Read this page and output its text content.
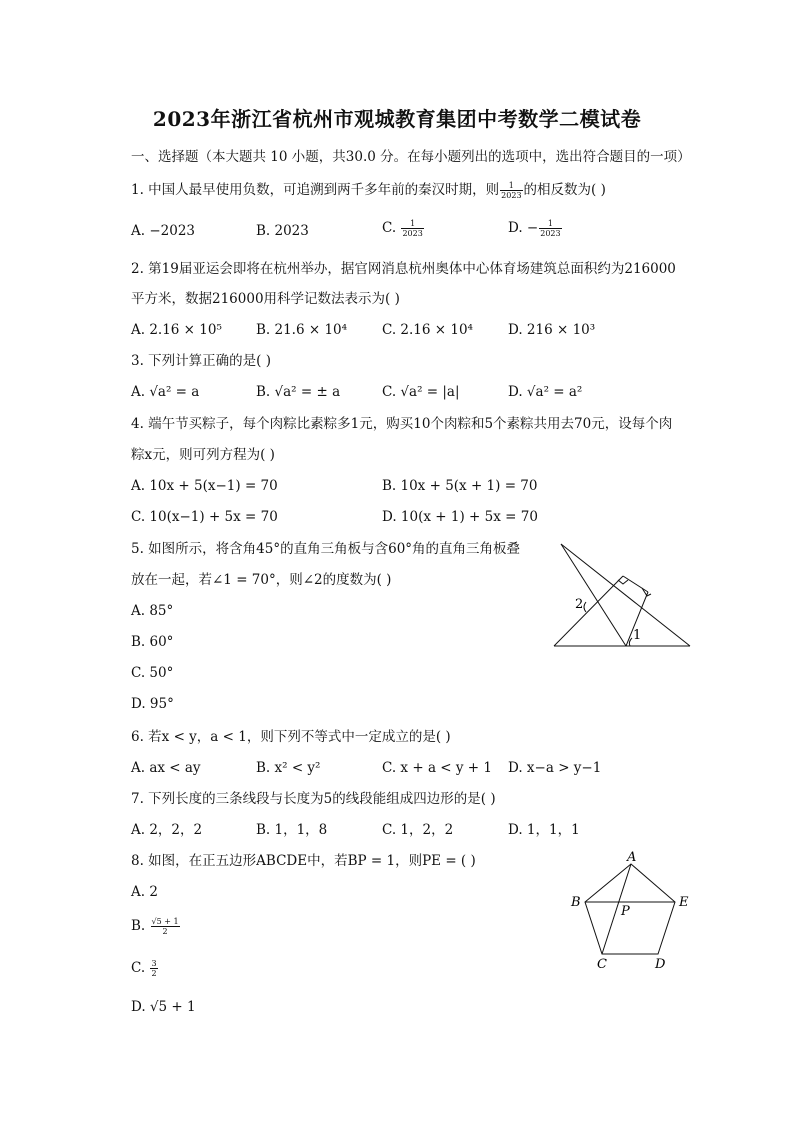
2023年浙江省杭州市观城教育集团中考数学二模试卷
一、选择题（本大题共 10 小题，共30.0 分。在每小题列出的选项中，选出符合题目的一项）
1. 中国人最早使用负数，可追溯到两千多年前的秦汉时期，则 $\frac{1}{2023}$ 的相反数为( )
A. −2023	B. 2023	C. $\frac{1}{2023}$	D. − $\frac{1}{2023}$
2. 第19届亚运会即将在杭州举办，据官网消息杭州奥体中心体育场建筑总面积约为216000
平方米，数据216000用科学记数法表示为( )
A. 2.16 × 10⁵	B. 21.6 × 10⁴	C. 2.16 × 10⁴	D. 216 × 10³
3. 下列计算正确的是( )
A. √a² = a	B. √a² = ± a	C. √a² = |a|	D. √a² = a²
4. 端午节买粽子，每个肉粽比素粽多1元，购买10个肉粽和5个素粽共用去70元，设每个肉
粽x元，则可列方程为( )
A. 10x + 5(x−1) = 70	B. 10x + 5(x + 1) = 70
C. 10(x−1) + 5x = 70	D. 10(x + 1) + 5x = 70
5. 如图所示，将含角45°的直角三角板与含60°角的直角三角板叠
放在一起，若∠1 = 70°，则∠2的度数为( )
A. 85°
B. 60°
C. 50°
D. 95°
2
1
6. 若x < y，a < 1，则下列不等式中一定成立的是( )
A. ax < ay	B. x² < y²	C. x + a < y + 1 D. x−a > y−1
7. 下列长度的三条线段与长度为5的线段能组成四边形的是( )
A. 2，2，2	B. 1，1，8	C. 1，2，2	D. 1，1，1
8. 如图，在正五边形ABCDE中，若BP = 1，则PE = ( )
A. 2
B. $\frac{√5 + 1}{2}$
C. $\frac{3}{2}$
D. √5 + 1
A
B
C	D
E
P
